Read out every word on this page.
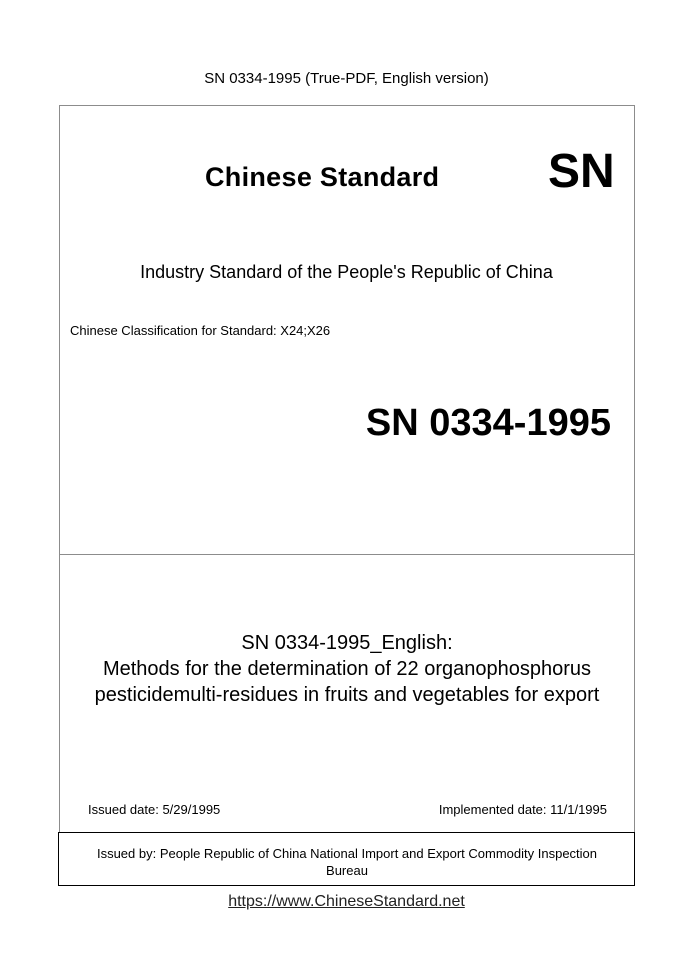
SN 0334-1995 (True-PDF, English version)
Chinese Standard SN
Industry Standard of the People's Republic of China
Chinese Classification for Standard: X24;X26
SN 0334-1995
SN 0334-1995_English:
Methods for the determination of 22 organophosphorus
pesticidemulti-residues in fruits and vegetables for export
Issued date: 5/29/1995	Implemented date: 11/1/1995
Issued by: People Republic of China National Import and Export Commodity Inspection
Bureau
https://www.ChineseStandard.net
